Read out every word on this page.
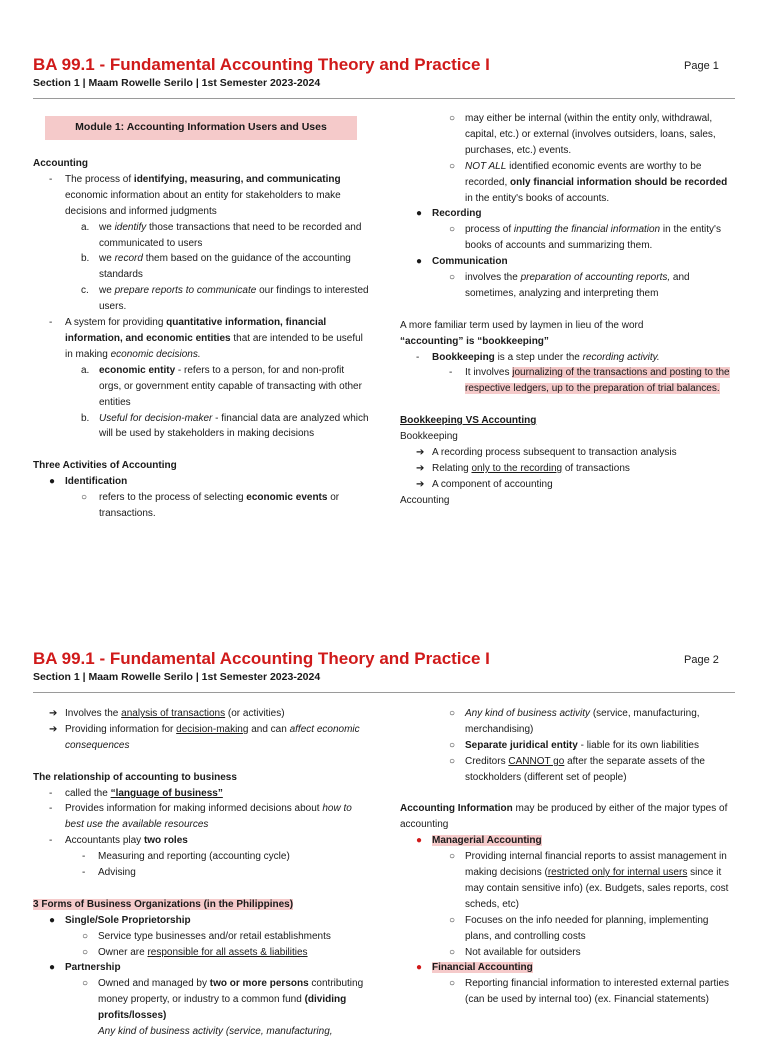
BA 99.1 - Fundamental Accounting Theory and Practice I	Page 1
Section 1 | Maam Rowelle Serilo | 1st Semester 2023-2024
Module 1: Accounting Information Users and Uses

Accounting

- The process of identifying, measuring, and communicating economic information about an entity for stakeholders to make decisions and informed judgments

a. we identify those transactions that need to be recorded and communicated to users

b. we record them based on the guidance of the accounting standards

c. we prepare reports to communicate our findings to interested users.

- A system for providing quantitative information, financial information, and economic entities that are intended to be useful in making economic decisions.

a. economic entity - refers to a person, for and non-profit orgs, or government entity capable of transacting with other entities

b. Useful for decision-maker - financial data are analyzed which will be used by stakeholders in making decisions

Three Activities of Accounting

● Identification

○ refers to the process of selecting economic events or transactions.

○ may either be internal (within the entity only, withdrawal, capital, etc.) or external (involves outsiders, loans, sales, purchases, etc.) events.

○ NOT ALL identified economic events are worthy to be recorded, only financial information should be recorded in the entity's books of accounts.

● Recording

○ process of inputting the financial information in the entity's books of accounts and summarizing them.

● Communication

○ involves the preparation of accounting reports, and sometimes, analyzing and interpreting them

A more familiar term used by laymen in lieu of the word

“accounting” is “bookkeeping”

- Bookkeeping is a step under the recording activity.

- It involves journalizing of the transactions and posting to the respective ledgers, up to the preparation of trial balances.

Bookkeeping VS Accounting

Bookkeeping

➔ A recording process subsequent to transaction analysis

➔ Relating only to the recording of transactions

➔ A component of accounting

Accounting

BA 99.1 - Fundamental Accounting Theory and Practice I	Page 2
Section 1 | Maam Rowelle Serilo | 1st Semester 2023-2024

➔ Involves the analysis of transactions (or activities)

➔ Providing information for decision-making and can affect economic consequences

The relationship of accounting to business

- called the “language of business”

- Provides information for making informed decisions about how to best use the available resources

- Accountants play two roles

- Measuring and reporting (accounting cycle)

- Advising

3 Forms of Business Organizations (in the Philippines)

● Single/Sole Proprietorship

○ Service type businesses and/or retail establishments

○ Owner are responsible for all assets & liabilities

● Partnership

○ Owned and managed by two or more persons contributing money property, or industry to a common fund (dividing profits/losses)

Any kind of business activity (service, manufacturing,

○ Any kind of business activity (service, manufacturing, merchandising)

○ Separate juridical entity - liable for its own liabilities

○ Creditors CANNOT go after the separate assets of the stockholders (different set of people)

Accounting Information may be produced by either of the major types of accounting

● Managerial Accounting

○ Providing internal financial reports to assist management in making decisions (restricted only for internal users since it may contain sensitive info) (ex. Budgets, sales reports, cost scheds, etc)

○ Focuses on the info needed for planning, implementing plans, and controlling costs

○ Not available for outsiders

● Financial Accounting

○ Reporting financial information to interested external parties (can be used by internal too) (ex. Financial statements)
